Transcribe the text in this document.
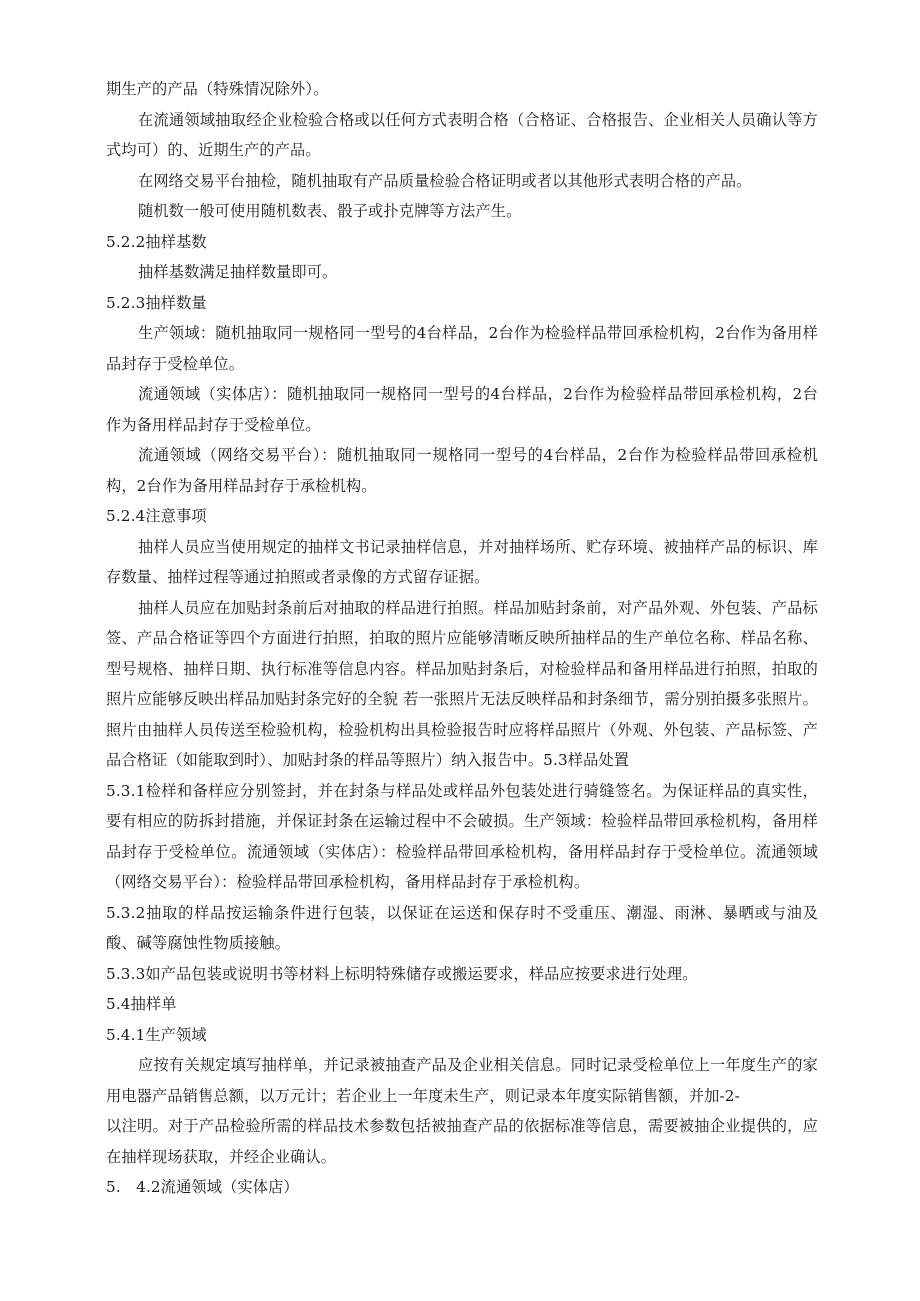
期生产的产品（特殊情况除外）。

在流通领域抽取经企业检验合格或以任何方式表明合格（合格证、合格报告、企业相关人员确认等方式均可）的、近期生产的产品。

在网络交易平台抽检，随机抽取有产品质量检验合格证明或者以其他形式表明合格的产品。

随机数一般可使用随机数表、骰子或扑克牌等方法产生。

5.2.2抽样基数

抽样基数满足抽样数量即可。

5.2.3抽样数量

生产领域：随机抽取同一规格同一型号的4台样品，2台作为检验样品带回承检机构，2台作为备用样品封存于受检单位。

流通领域（实体店）：随机抽取同一规格同一型号的4台样品，2台作为检验样品带回承检机构，2台作为备用样品封存于受检单位。

流通领域（网络交易平台）：随机抽取同一规格同一型号的4台样品，2台作为检验样品带回承检机构，2台作为备用样品封存于承检机构。

5.2.4注意事项

抽样人员应当使用规定的抽样文书记录抽样信息，并对抽样场所、贮存环境、被抽样产品的标识、库存数量、抽样过程等通过拍照或者录像的方式留存证据。

抽样人员应在加贴封条前后对抽取的样品进行拍照。样品加贴封条前，对产品外观、外包装、产品标签、产品合格证等四个方面进行拍照，拍取的照片应能够清晰反映所抽样品的生产单位名称、样品名称、型号规格、抽样日期、执行标准等信息内容。样品加贴封条后，对检验样品和备用样品进行拍照，拍取的照片应能够反映出样品加贴封条完好的全貌 若一张照片无法反映样品和封条细节，需分别拍摄多张照片。照片由抽样人员传送至检验机构，检验机构出具检验报告时应将样品照片（外观、外包装、产品标签、产品合格证（如能取到时）、加贴封条的样品等照片）纳入报告中。5.3样品处置

5.3.1检样和备样应分别签封，并在封条与样品处或样品外包装处进行骑缝签名。为保证样品的真实性，要有相应的防拆封措施，并保证封条在运输过程中不会破损。生产领域：检验样品带回承检机构，备用样品封存于受检单位。流通领域（实体店）：检验样品带回承检机构，备用样品封存于受检单位。流通领域（网络交易平台）：检验样品带回承检机构，备用样品封存于承检机构。

5.3.2抽取的样品按运输条件进行包装，以保证在运送和保存时不受重压、潮湿、雨淋、暴晒或与油及酸、碱等腐蚀性物质接触。

5.3.3如产品包装或说明书等材料上标明特殊储存或搬运要求，样品应按要求进行处理。

5.4抽样单

5.4.1生产领域

应按有关规定填写抽样单，并记录被抽查产品及企业相关信息。同时记录受检单位上一年度生产的家用电器产品销售总额，以万元计；若企业上一年度未生产，则记录本年度实际销售额，并加-2-

以注明。对于产品检验所需的样品技术参数包括被抽查产品的依据标准等信息，需要被抽企业提供的，应在抽样现场获取，并经企业确认。

5.　4.2流通领域（实体店）
